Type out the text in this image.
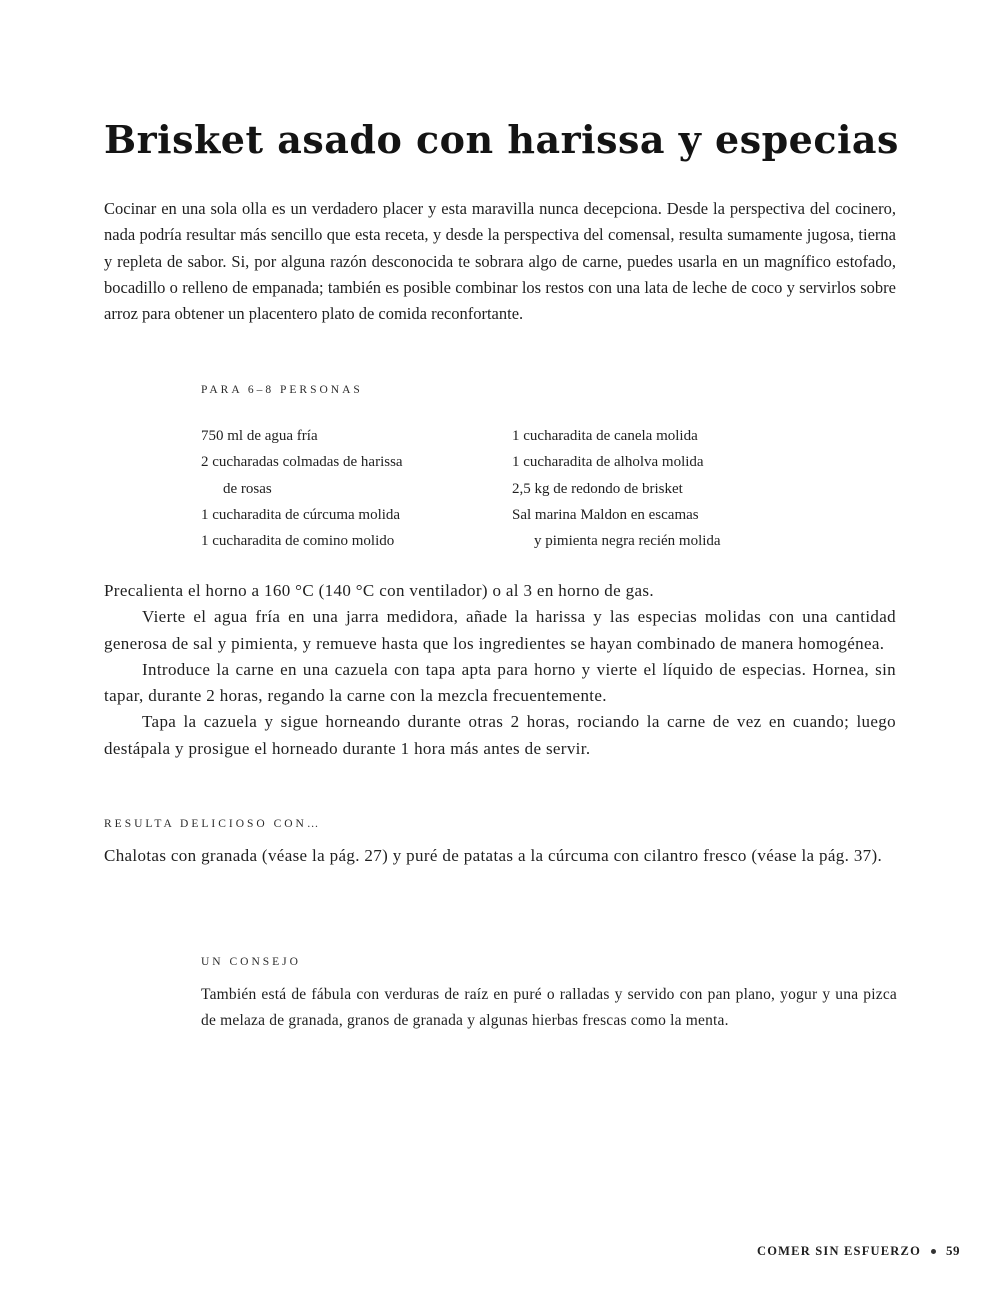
Brisket asado con harissa y especias

Cocinar en una sola olla es un verdadero placer y esta maravilla nunca decepciona. Desde la perspectiva del cocinero, nada podría resultar más sencillo que esta receta, y desde la perspectiva del comensal, resulta sumamente jugosa, tierna y repleta de sabor. Si, por alguna razón desconocida te sobrara algo de carne, puedes usarla en un magnífico estofado, bocadillo o relleno de empanada; también es posible combinar los restos con una lata de leche de coco y servirlos sobre arroz para obtener un placentero plato de comida reconfortante.

PARA 6–8 PERSONAS
750 ml de agua fría
2 cucharadas colmadas de harissa
de rosas
1 cucharadita de cúrcuma molida
1 cucharadita de comino molido
1 cucharadita de canela molida
1 cucharadita de alholva molida
2,5 kg de redondo de brisket
Sal marina Maldon en escamas
y pimienta negra recién molida

Precalienta el horno a 160 °C (140 °C con ventilador) o al 3 en horno de gas.

Vierte el agua fría en una jarra medidora, añade la harissa y las especias molidas con una cantidad generosa de sal y pimienta, y remueve hasta que los ingredientes se hayan combinado de manera homogénea.

Introduce la carne en una cazuela con tapa apta para horno y vierte el líquido de especias. Hornea, sin tapar, durante 2 horas, regando la carne con la mezcla frecuentemente.

Tapa la cazuela y sigue horneando durante otras 2 horas, rociando la carne de vez en cuando; luego destápala y prosigue el horneado durante 1 hora más antes de servir.

RESULTA DELICIOSO CON…

Chalotas con granada (véase la pág. 27) y puré de patatas a la cúrcuma con cilantro fresco (véase la pág. 37).

UN CONSEJO

También está de fábula con verduras de raíz en puré o ralladas y servido con pan plano, yogur y una pizca de melaza de granada, granos de granada y algunas hierbas frescas como la menta.

COMER SIN ESFUERZO 59
